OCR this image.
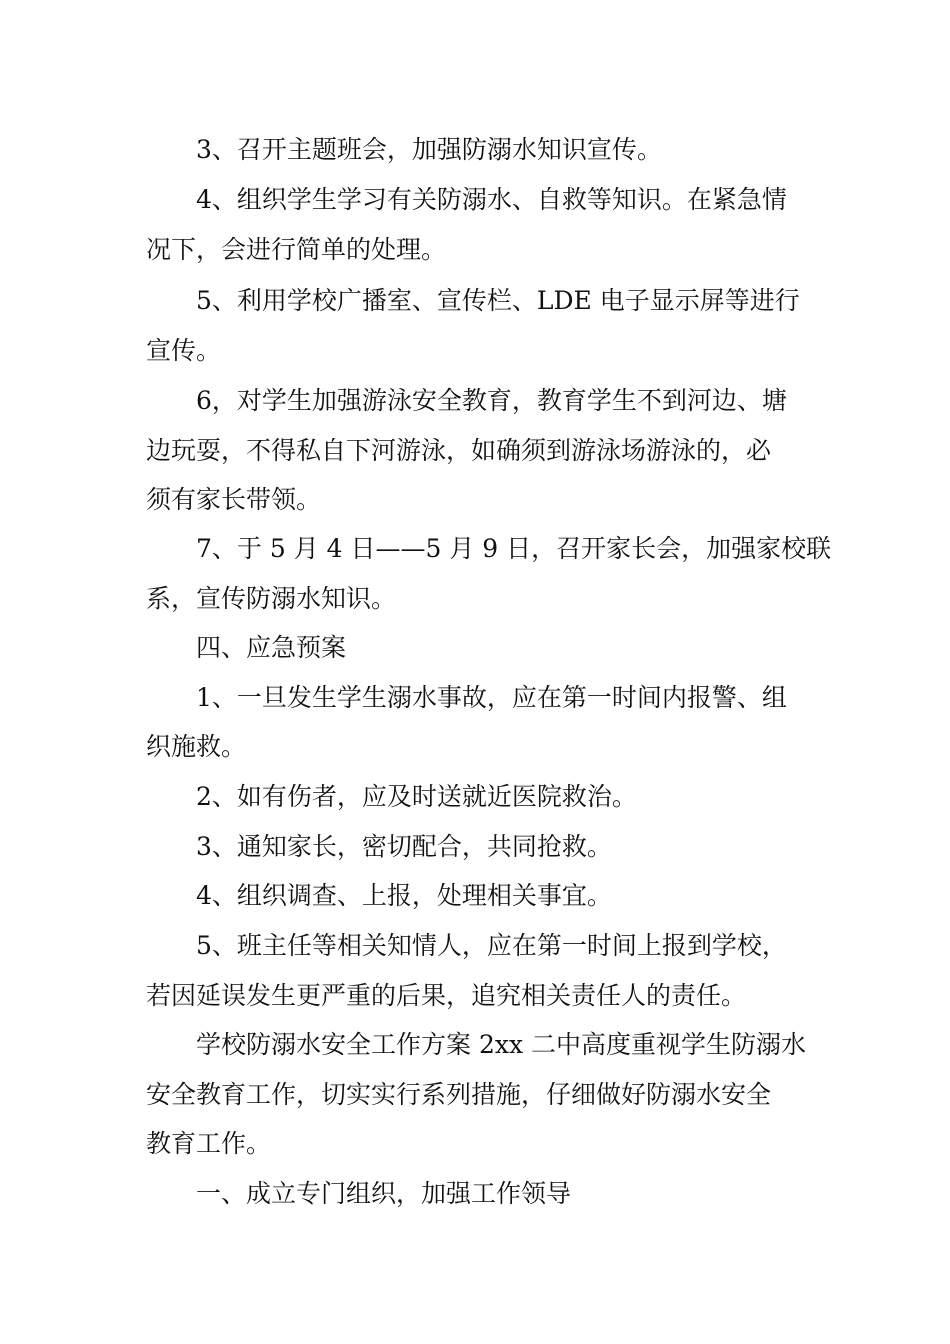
3、召开主题班会，加强防溺水知识宣传。
4、组织学生学习有关防溺水、自救等知识。在紧急情
况下，会进行简单的处理。
5、利用学校广播室、宣传栏、LDE 电子显示屏等进行
宣传。
6，对学生加强游泳安全教育，教育学生不到河边、塘
边玩耍，不得私自下河游泳，如确须到游泳场游泳的，必
须有家长带领。
7、于 5 月 4 日——5 月 9 日，召开家长会，加强家校联
系，宣传防溺水知识。
四、应急预案
1、一旦发生学生溺水事故，应在第一时间内报警、组
织施救。
2、如有伤者，应及时送就近医院救治。
3、通知家长，密切配合，共同抢救。
4、组织调查、上报，处理相关事宜。
5、班主任等相关知情人，应在第一时间上报到学校，
若因延误发生更严重的后果，追究相关责任人的责任。
学校防溺水安全工作方案 2xx 二中高度重视学生防溺水
安全教育工作，切实实行系列措施，仔细做好防溺水安全
教育工作。
一、成立专门组织，加强工作领导
